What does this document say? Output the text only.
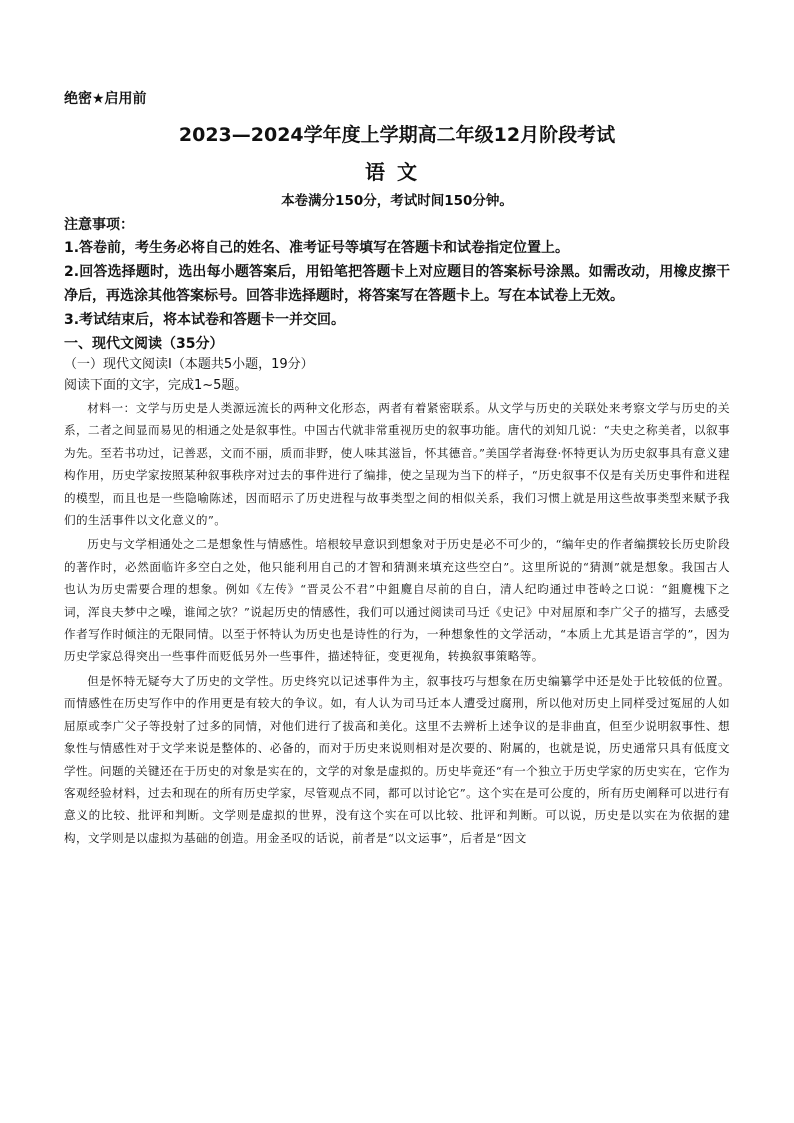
绝密★启用前
2023—2024学年度上学期高二年级12月阶段考试
语文
本卷满分150分，考试时间150分钟。
注意事项：
1.答卷前，考生务必将自己的姓名、准考证号等填写在答题卡和试卷指定位置上。
2.回答选择题时，选出每小题答案后，用铅笔把答题卡上对应题目的答案标号涂黑。如需改动，用橡皮擦干净后，再选涂其他答案标号。回答非选择题时，将答案写在答题卡上。写在本试卷上无效。
3.考试结束后，将本试卷和答题卡一并交回。
一、现代文阅读（35分）
（一）现代文阅读Ⅰ（本题共5小题，19分）
阅读下面的文字，完成1~5题。

材料一：文学与历史是人类源远流长的两种文化形态，两者有着紧密联系。从文学与历史的关联处来考察文学与历史的关系，二者之间显而易见的相通之处是叙事性。中国古代就非常重视历史的叙事功能。唐代的刘知几说：“夫史之称美者，以叙事为先。至若书功过，记善恶，文而不丽，质而非野，使人味其滋旨，怀其德音。”美国学者海登·怀特更认为历史叙事具有意义建构作用，历史学家按照某种叙事秩序对过去的事件进行了编排，使之呈现为当下的样子，“历史叙事不仅是有关历史事件和进程的模型，而且也是一些隐喻陈述，因而昭示了历史进程与故事类型之间的相似关系，我们习惯上就是用这些故事类型来赋予我们的生活事件以文化意义的”。

历史与文学相通处之二是想象性与情感性。培根较早意识到想象对于历史是必不可少的，“编年史的作者编撰较长历史阶段的著作时，必然面临许多空白之处，他只能利用自己的才智和猜测来填充这些空白”。这里所说的“猜测”就是想象。我国古人也认为历史需要合理的想象。例如《左传》“晋灵公不君”中鉏麑自尽前的自白，清人纪昀通过申苍岭之口说：“鉏麑槐下之词，浑良夫梦中之噪，谁闻之欤？”说起历史的情感性，我们可以通过阅读司马迁《史记》中对屈原和李广父子的描写，去感受作者写作时倾注的无限同情。以至于怀特认为历史也是诗性的行为，一种想象性的文学活动，“本质上尤其是语言学的”，因为历史学家总得突出一些事件而贬低另外一些事件，描述特征，变更视角，转换叙事策略等。

但是怀特无疑夸大了历史的文学性。历史终究以记述事件为主，叙事技巧与想象在历史编纂学中还是处于比较低的位置。而情感性在历史写作中的作用更是有较大的争议。如，有人认为司马迁本人遭受过腐刑，所以他对历史上同样受过冤屈的人如屈原或李广父子等投射了过多的同情，对他们进行了拔高和美化。这里不去辨析上述争议的是非曲直，但至少说明叙事性、想象性与情感性对于文学来说是整体的、必备的，而对于历史来说则相对是次要的、附属的，也就是说，历史通常只具有低度文学性。问题的关键还在于历史的对象是实在的，文学的对象是虚拟的。历史毕竟还“有一个独立于历史学家的历史实在，它作为客观经验材料，过去和现在的所有历史学家，尽管观点不同，都可以讨论它”。这个实在是可公度的，所有历史阐释可以进行有意义的比较、批评和判断。文学则是虚拟的世界，没有这个实在可以比较、批评和判断。可以说，历史是以实在为依据的建构，文学则是以虚拟为基础的创造。用金圣叹的话说，前者是“以文运事”，后者是“因文
